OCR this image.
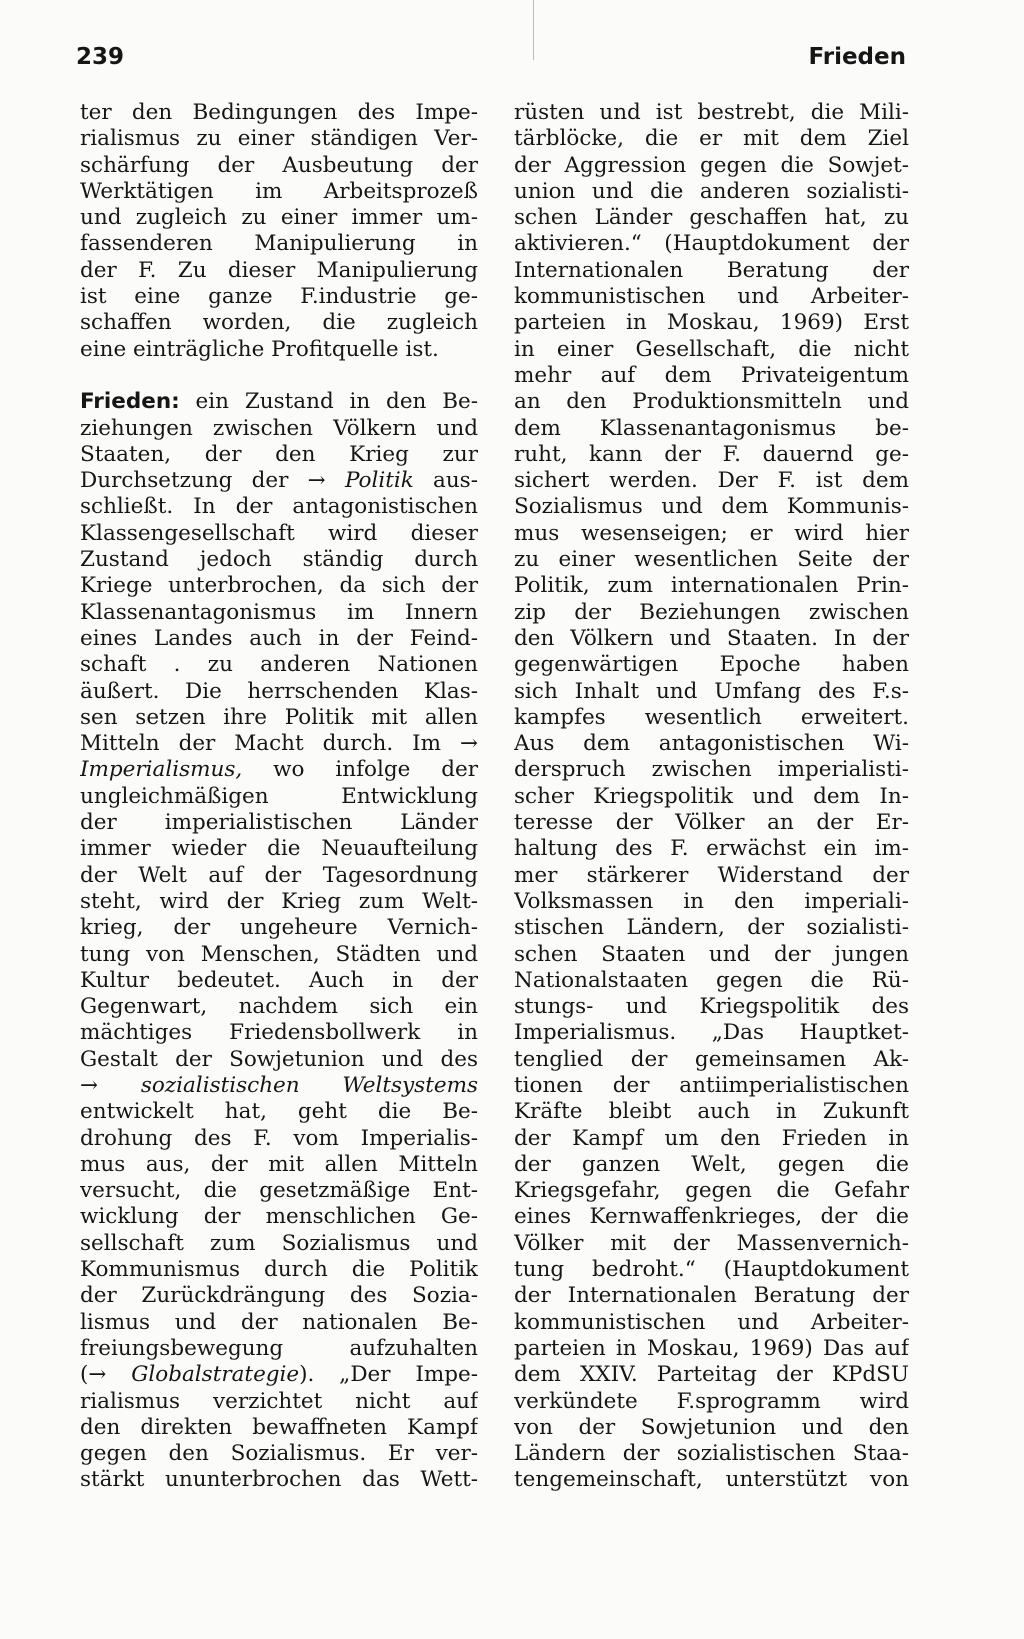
239	Frieden
ter den Bedingungen des Impe-
rialismus zu einer ständigen Ver-
schärfung der Ausbeutung der
Werktätigen im Arbeitsprozeß
und zugleich zu einer immer um-
fassenderen Manipulierung in
der F. Zu dieser Manipulierung
ist eine ganze F.industrie ge-
schaffen worden, die zugleich
eine einträgliche Profitquelle ist.
Frieden: ein Zustand in den Be-
ziehungen zwischen Völkern und
Staaten, der den Krieg zur
Durchsetzung der → Politik aus-
schließt. In der antagonistischen
Klassengesellschaft wird dieser
Zustand jedoch ständig durch
Kriege unterbrochen, da sich der
Klassenantagonismus im Innern
eines Landes auch in der Feind-
schaft . zu anderen Nationen
äußert. Die herrschenden Klas-
sen setzen ihre Politik mit allen
Mitteln der Macht durch. Im →
Imperialismus, wo infolge der
ungleichmäßigen Entwicklung
der imperialistischen Länder
immer wieder die Neuaufteilung
der Welt auf der Tagesordnung
steht, wird der Krieg zum Welt-
krieg, der ungeheure Vernich-
tung von Menschen, Städten und
Kultur bedeutet. Auch in der
Gegenwart, nachdem sich ein
mächtiges Friedensbollwerk in
Gestalt der Sowjetunion und des
→ sozialistischen Weltsystems
entwickelt hat, geht die Be-
drohung des F. vom Imperialis-
mus aus, der mit allen Mitteln
versucht, die gesetzmäßige Ent-
wicklung der menschlichen Ge-
sellschaft zum Sozialismus und
Kommunismus durch die Politik
der Zurückdrängung des Sozia-
lismus und der nationalen Be-
freiungsbewegung aufzuhalten
(→ Globalstrategie). „Der Impe-
rialismus verzichtet nicht auf
den direkten bewaffneten Kampf
gegen den Sozialismus. Er ver-
stärkt ununterbrochen das Wett-
rüsten und ist bestrebt, die Mili-
tärblöcke, die er mit dem Ziel
der Aggression gegen die Sowjet-
union und die anderen sozialisti-
schen Länder geschaffen hat, zu
aktivieren.“ (Hauptdokument der
Internationalen Beratung der
kommunistischen und Arbeiter-
parteien in Moskau, 1969) Erst
in einer Gesellschaft, die nicht
mehr auf dem Privateigentum
an den Produktionsmitteln und
dem Klassenantagonismus be-
ruht, kann der F. dauernd ge-
sichert werden. Der F. ist dem
Sozialismus und dem Kommunis-
mus wesenseigen; er wird hier
zu einer wesentlichen Seite der
Politik, zum internationalen Prin-
zip der Beziehungen zwischen
den Völkern und Staaten. In der
gegenwärtigen Epoche haben
sich Inhalt und Umfang des F.s-
kampfes wesentlich erweitert.
Aus dem antagonistischen Wi-
derspruch zwischen imperialisti-
scher Kriegspolitik und dem In-
teresse der Völker an der Er-
haltung des F. erwächst ein im-
mer stärkerer Widerstand der
Volksmassen in den imperiali-
stischen Ländern, der sozialisti-
schen Staaten und der jungen
Nationalstaaten gegen die Rü-
stungs- und Kriegspolitik des
Imperialismus. „Das Hauptket-
tenglied der gemeinsamen Ak-
tionen der antiimperialistischen
Kräfte bleibt auch in Zukunft
der Kampf um den Frieden in
der ganzen Welt, gegen die
Kriegsgefahr, gegen die Gefahr
eines Kernwaffenkrieges, der die
Völker mit der Massenvernich-
tung bedroht.“ (Hauptdokument
der Internationalen Beratung der
kommunistischen und Arbeiter-
parteien in Moskau, 1969) Das auf
dem XXIV. Parteitag der KPdSU
verkündete F.sprogramm wird
von der Sowjetunion und den
Ländern der sozialistischen Staa-
tengemeinschaft, unterstützt von
